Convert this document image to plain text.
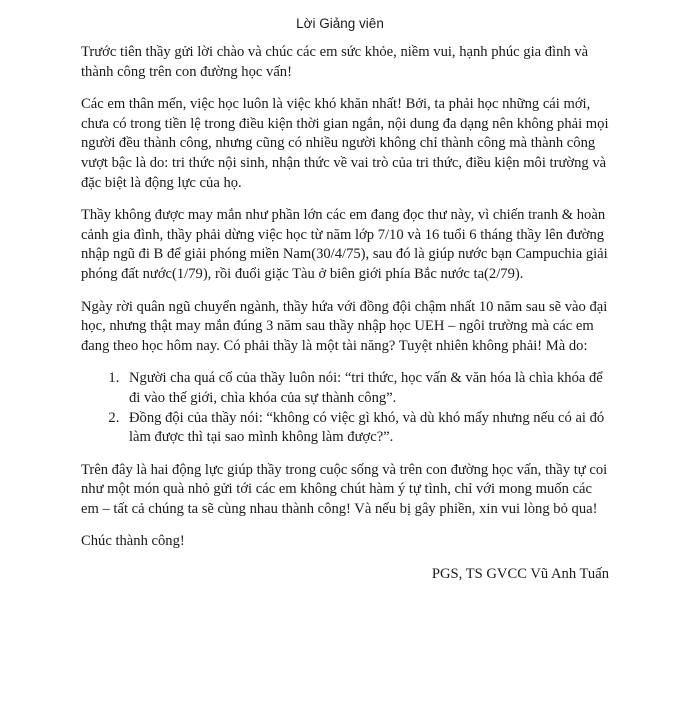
Lời Giảng viên

Trước tiên thầy gửi lời chào và chúc các em sức khỏe, niềm vui, hạnh phúc gia đình và thành công trên con đường học vấn!

Các em thân mến, việc học luôn là việc khó khăn nhất! Bởi, ta phải học những cái mới, chưa có trong tiền lệ trong điều kiện thời gian ngắn, nội dung đa dạng nên không phải mọi người đều thành công, nhưng cũng có nhiều người không chỉ thành công mà thành công vượt bậc là do: tri thức nội sinh, nhận thức về vai trò của tri thức, điều kiện môi trường và đặc biệt là động lực của họ.

Thầy không được may mắn như phần lớn các em đang đọc thư này, vì chiến tranh & hoàn cảnh gia đình, thầy phải dừng việc học từ năm lớp 7/10 và 16 tuổi 6 tháng thầy lên đường nhập ngũ đi B để giải phóng miền Nam(30/4/75), sau đó là giúp nước bạn Campuchia giải phóng đất nước(1/79), rồi đuổi giặc Tàu ở biên giới phía Bắc nước ta(2/79).

Ngày rời quân ngũ chuyển ngành, thầy hứa với đồng đội chậm nhất 10 năm sau sẽ vào đại học, nhưng thật may mắn đúng 3 năm sau thầy nhập học UEH – ngôi trường mà các em đang theo học hôm nay. Có phải thầy là một tài năng? Tuyệt nhiên không phải! Mà do:

1. Người cha quá cố của thầy luôn nói: “tri thức, học vấn & văn hóa là chìa khóa để đi vào thế giới, chìa khóa của sự thành công”.
2. Đồng đội của thầy nói: “không có việc gì khó, và dù khó mấy nhưng nếu có ai đó làm được thì tại sao mình không làm được?”.

Trên đây là hai động lực giúp thầy trong cuộc sống và trên con đường học vấn, thầy tự coi như một món quà nhỏ gửi tới các em không chút hàm ý tự tình, chỉ với mong muốn các em – tất cả chúng ta sẽ cùng nhau thành công! Và nếu bị gây phiền, xin vui lòng bỏ qua!

Chúc thành công!

PGS, TS GVCC Vũ Anh Tuấn
